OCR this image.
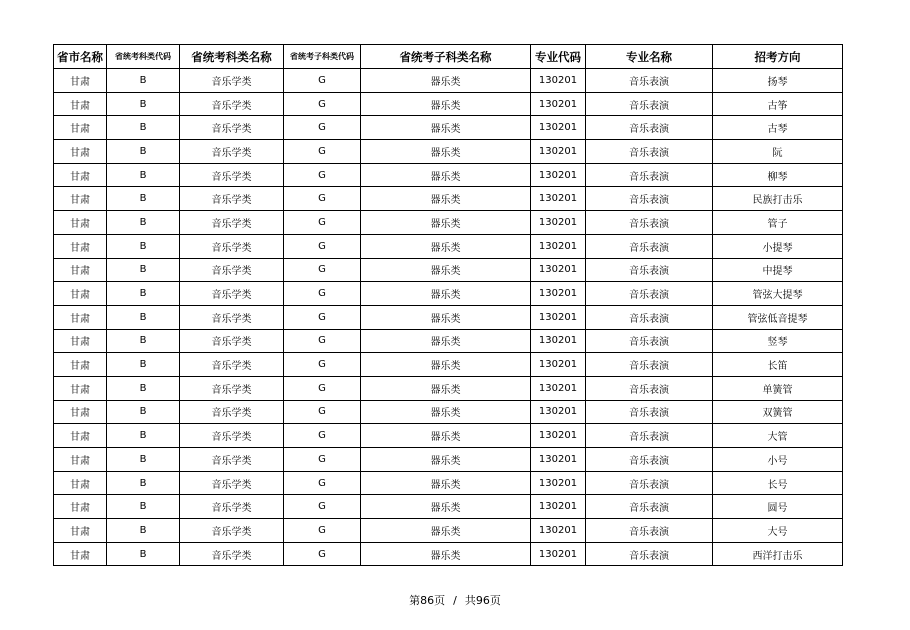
省市名称	省统考科类代码	省统考科类名称	省统考子科类代码	省统考子科类名称	专业代码	专业名称	招考方向
甘肃	B	音乐学类	G	器乐类	130201	音乐表演	扬琴
甘肃	B	音乐学类	G	器乐类	130201	音乐表演	古筝
甘肃	B	音乐学类	G	器乐类	130201	音乐表演	古琴
甘肃	B	音乐学类	G	器乐类	130201	音乐表演	阮
甘肃	B	音乐学类	G	器乐类	130201	音乐表演	柳琴
甘肃	B	音乐学类	G	器乐类	130201	音乐表演	民族打击乐
甘肃	B	音乐学类	G	器乐类	130201	音乐表演	管子
甘肃	B	音乐学类	G	器乐类	130201	音乐表演	小提琴
甘肃	B	音乐学类	G	器乐类	130201	音乐表演	中提琴
甘肃	B	音乐学类	G	器乐类	130201	音乐表演	管弦大提琴
甘肃	B	音乐学类	G	器乐类	130201	音乐表演	管弦低音提琴
甘肃	B	音乐学类	G	器乐类	130201	音乐表演	竖琴
甘肃	B	音乐学类	G	器乐类	130201	音乐表演	长笛
甘肃	B	音乐学类	G	器乐类	130201	音乐表演	单簧管
甘肃	B	音乐学类	G	器乐类	130201	音乐表演	双簧管
甘肃	B	音乐学类	G	器乐类	130201	音乐表演	大管
甘肃	B	音乐学类	G	器乐类	130201	音乐表演	小号
甘肃	B	音乐学类	G	器乐类	130201	音乐表演	长号
甘肃	B	音乐学类	G	器乐类	130201	音乐表演	圆号
甘肃	B	音乐学类	G	器乐类	130201	音乐表演	大号
甘肃	B	音乐学类	G	器乐类	130201	音乐表演	西洋打击乐
第86页 / 共96页
